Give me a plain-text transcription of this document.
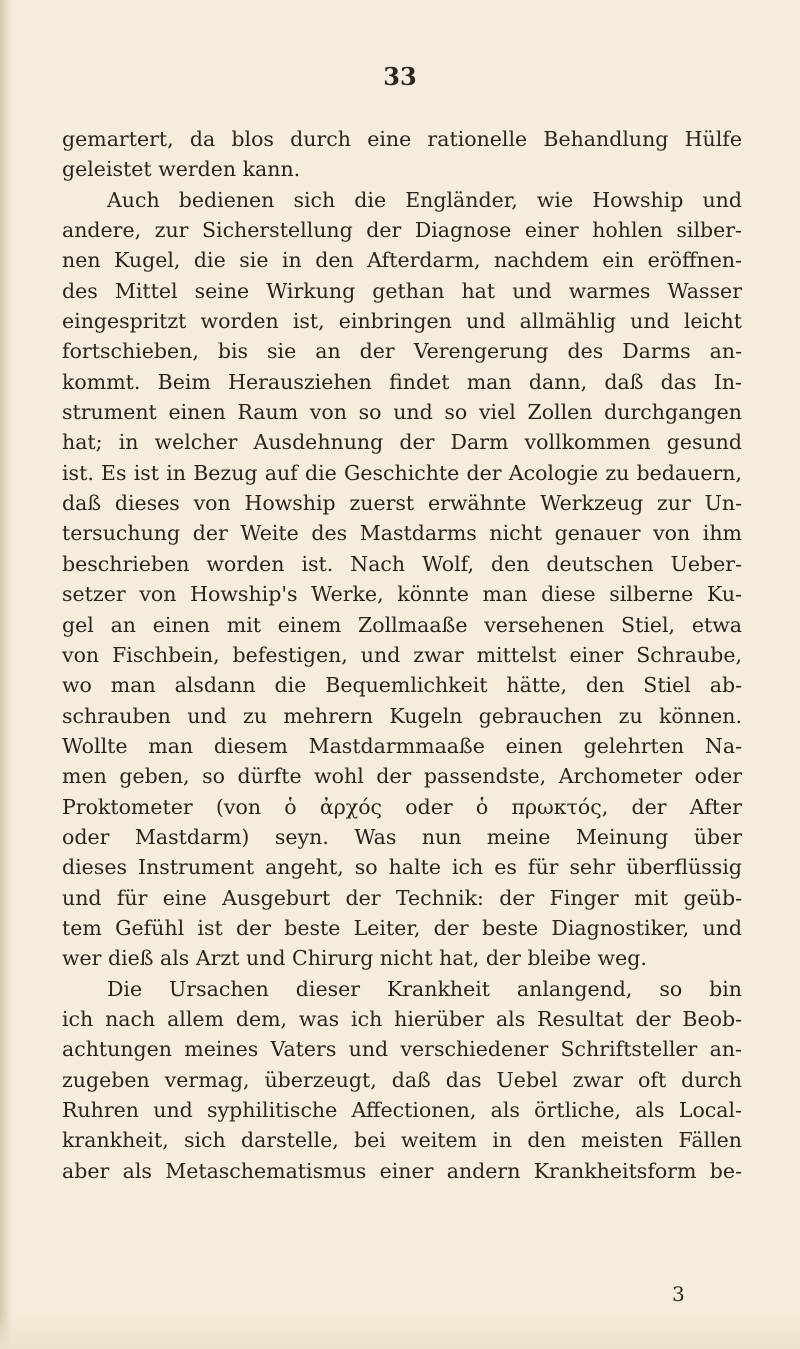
33
gemartert, da blos durch eine rationelle Behandlung Hülfe
geleistet werden kann.
Auch bedienen sich die Engländer, wie Howship und
andere, zur Sicherstellung der Diagnose einer hohlen silber-
nen Kugel, die sie in den Afterdarm, nachdem ein eröffnen-
des Mittel seine Wirkung gethan hat und warmes Wasser
eingespritzt worden ist, einbringen und allmählig und leicht
fortschieben, bis sie an der Verengerung des Darms an-
kommt. Beim Herausziehen findet man dann, daß das In-
strument einen Raum von so und so viel Zollen durchgangen
hat; in welcher Ausdehnung der Darm vollkommen gesund
ist. Es ist in Bezug auf die Geschichte der Acologie zu bedauern,
daß dieses von Howship zuerst erwähnte Werkzeug zur Un-
tersuchung der Weite des Mastdarms nicht genauer von ihm
beschrieben worden ist. Nach Wolf, den deutschen Ueber-
setzer von Howship's Werke, könnte man diese silberne Ku-
gel an einen mit einem Zollmaaße versehenen Stiel, etwa
von Fischbein, befestigen, und zwar mittelst einer Schraube,
wo man alsdann die Bequemlichkeit hätte, den Stiel ab-
schrauben und zu mehrern Kugeln gebrauchen zu können.
Wollte man diesem Mastdarmmaaße einen gelehrten Na-
men geben, so dürfte wohl der passendste, Archometer oder
Proktometer (von ὁ ἀρχός oder ὁ πρωκτός, der After
oder Mastdarm) seyn. Was nun meine Meinung über
dieses Instrument angeht, so halte ich es für sehr überflüssig
und für eine Ausgeburt der Technik: der Finger mit geüb-
tem Gefühl ist der beste Leiter, der beste Diagnostiker, und
wer dieß als Arzt und Chirurg nicht hat, der bleibe weg.
Die Ursachen dieser Krankheit anlangend, so bin
ich nach allem dem, was ich hierüber als Resultat der Beob-
achtungen meines Vaters und verschiedener Schriftsteller an-
zugeben vermag, überzeugt, daß das Uebel zwar oft durch
Ruhren und syphilitische Affectionen, als örtliche, als Local-
krankheit, sich darstelle, bei weitem in den meisten Fällen
aber als Metaschematismus einer andern Krankheitsform be-
3
